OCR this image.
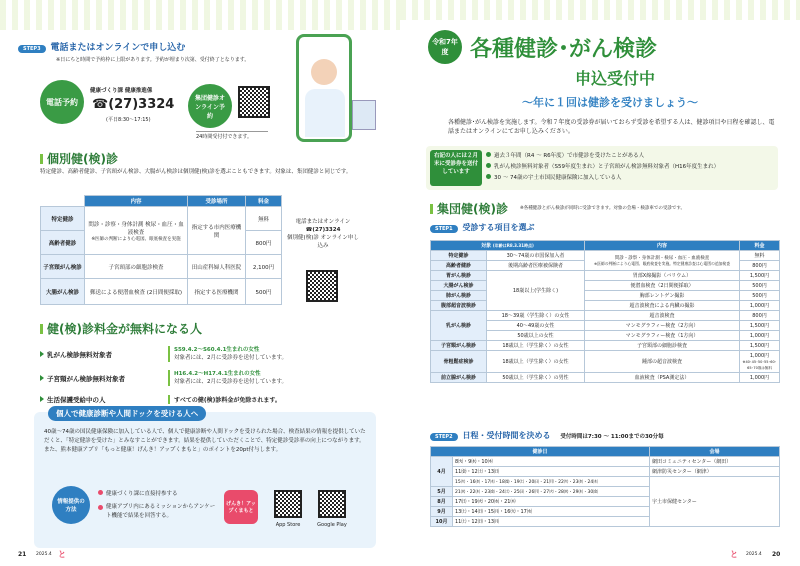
STEP3 電話またはオンラインで申し込む
※日にちと時間で予約枠に上限があります。予約が埋まり次第、受付終了となります。
電話予約
健康づくり課 健康推進係
☎(27)3324
(平日8:30～17:15)
集団健診オンライン予約
24時間受付付できます。
個別健(検)診
特定健診、高齢者健診、子宮頸がん検診、大腸がん検診は個別健(検)診を選ぶこともできます。対象は、集団健診と同じです。
	内容	受診場所	料金
特定健診	問診・診察・身体計測 検尿・血圧・血液検査
※医師の判断により心電図、眼底検査を実施	指定する市内医療機関	無料
高齢者健診			800円
子宮頸がん検診	子宮頸部の細胞診検査	田山産科婦人科医院	2,100円
大腸がん検診	郵送による便潜血検査 (2日間便採取)	指定する医療機関	500円
電話またはオンライン
☎(27)3324
個別健(検)診 オンライン申し込み
健(検)診料金が無料になる人
乳がん検診無料対象者
S59.4.2～S60.4.1生まれの女性
対象者には、2月に受診券を送付しています。
子宮頸がん検診無料対象者
H16.4.2～H17.4.1生まれの女性
対象者には、2月に受診券を送付しています。
生活保護受給中の人	すべての健(検)診料金が免除されます。
個人で健康診断や人間ドックを受ける人へ
40歳～74歳の国民健康保険に加入している人で、個人で健康診断や人間ドックを受けられた場合、検査結果の情報を提供していただくと、「特定健診を受けた」とみなすことができます。結果を提供していただくことで、特定健診受診率の向上につながります。また、熊本健康アプリ「もっと健康！げんき！アップくまもと」のポイントを20pt付与します。
情報提供の方法
健康づくり課に直接持参する
健康アプリ内にあるミッションからアンケート機能で結果を回答する。
げんき！アップくまもと
App Store	Google Play
21 2025.4 と
令和7年度 各種健診･がん検診
申込受付中
～年に１回は健診を受けましょう～
各種健診･がん検診を実施します。令和７年度の受診券が届いておらず受診を希望する人は、健診項目や日程を確認し、電話またはオンラインにてお申し込みください。
右記の人には２月末に受診券を送付しています
過去３年間（R4 ～ R6年度）で市健診を受けたことがある人
乳がん検診無料対象者（S59年度生まれ）と子宮頸がん検診無料対象者（H16年度生まれ）
30 ～ 74歳の宇土市国民健康保険に加入している人
集団健(検)診	※各種健診とがん検診が同時に受診できます。対象の会場・検診車での受診です。
STEP1 受診する項目を選ぶ
対象 (年齢はR8.3.31時点)		内容	料金
特定健診	30～74歳の市国保加入者	問診・診察・身体計測・検尿・血圧・血液検査
※医師の判断により心電図、眼底検査を実施。特定健康診査は心電図の追加検査	無料
高齢者健診	後期高齢者医療被保険者		800円
胃がん検診	18歳以上(学生除く)	胃部X線撮影（バリウム）	1,500円
大腸がん検診		便潜血検査（2日間便採取）	500円
肺がん検診		胸部レントゲン撮影	500円
腹部超音波検診		超音波検査による内臓の撮影	1,000円
乳がん検診	18～39歳（学生除く）の女性	超音波検査	800円
	40～49歳の女性	マンモグラフィー検査（2方向）	1,500円
	50歳以上の女性	マンモグラフィー検査（1方向）	1,000円
子宮頸がん検診	18歳以上（学生除く）の女性	子宮頸部の細胞診検査	1,500円
骨粗鬆症検診	18歳以上（学生除く）の女性	踵部の超音波検査	1,000円
※40･45･50･55･60･65･70歳は無料
前立腺がん検診	50歳以上（学生除く）の男性	血液検査（PSA測定法）	1,000円
STEP2 日程・受付時間を決める 受付時間は7:30 ～ 11:00までの30分毎
健診日		会場
4月	8㈫・9㈬・10㈭	網田コミュニティセンター（網田）
	11㈮・12㈯・13㈰	網津防災センター（網津）
	15㈫・16㈬・17㈭・18㈮・19㈯・20㈰・21㈪・22㈫・23㈬・24㈭	宇土市保健センター
5月	21㈬・22㈭・23㈮・24㈯・25㈰・26㈪・27㈫・28㈬・29㈭・30㈮	
8月	17㈰・19㈫・20㈬・21㈭	
9月	13㈯・14㈰・15㈪・16㈫・17㈬	
10月	11㈯・12㈰・13㈪	
と 2025.4 20
